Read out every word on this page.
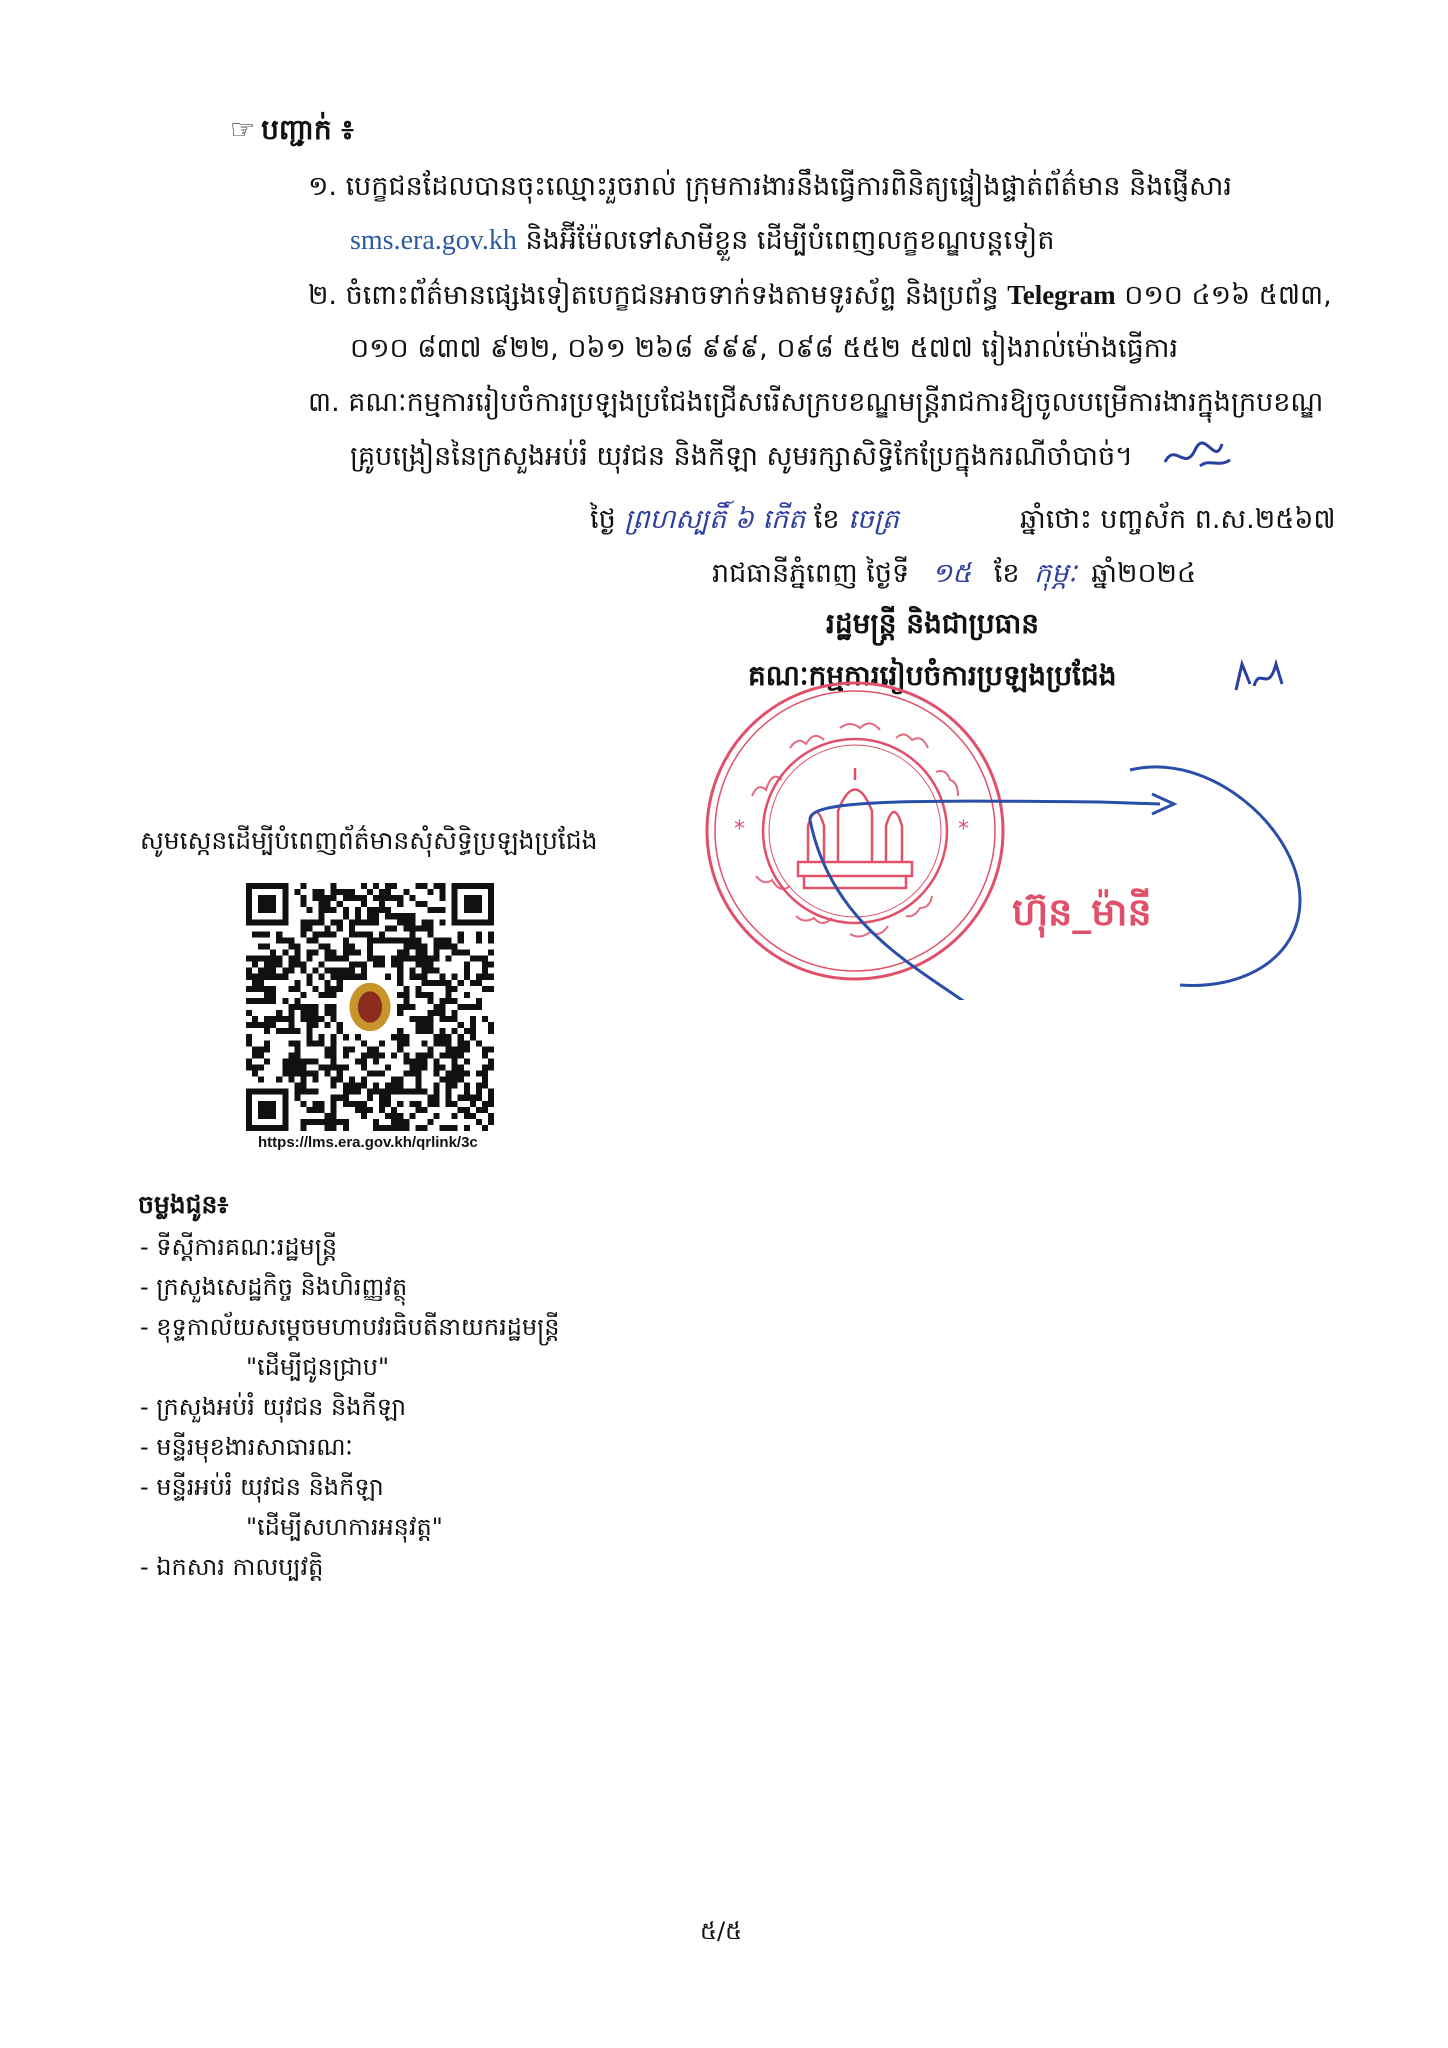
☞ បញ្ជាក់ ៖
១. បេក្ខជនដែលបានចុះឈ្មោះរួចរាល់ ក្រុមការងារនឹងធ្វើការពិនិត្យផ្ទៀងផ្ទាត់ព័ត៌មាន និងផ្ញើសារ
sms.era.gov.kh និងអ៊ីម៉ែលទៅសាមីខ្លួន ដើម្បីបំពេញលក្ខខណ្ឌបន្តទៀត
២. ចំពោះព័ត៌មានផ្សេងទៀតបេក្ខជនអាចទាក់ទងតាមទូរស័ព្ទ និងប្រព័ន្ធ Telegram ០១០ ៤១៦ ៥៧៣,
០១០ ៨៣៧ ៩២២, ០៦១ ២៦៨ ៩៩៩, ០៩៨ ៥៥២ ៥៧៧ រៀងរាល់ម៉ោងធ្វើការ
៣. គណៈកម្មការរៀបចំការប្រឡងប្រជែងជ្រើសរើសក្របខណ្ឌមន្ត្រីរាជការឱ្យចូលបម្រើការងារក្នុងក្របខណ្ឌ
គ្រូបង្រៀននៃក្រសួងអប់រំ យុវជន និងកីឡា សូមរក្សាសិទ្ធិកែប្រែក្នុងករណីចាំបាច់។
ថ្ងៃ ព្រហស្បតិ៍ ៦ កើត ខែ ចេត្រ	ឆ្នាំថោះ បញ្ចស័ក ព.ស.២៥៦៧
រាជធានីភ្នំពេញ ថ្ងៃទី ១៥ ខែ កុម្ភៈ ឆ្នាំ២០២៤
រដ្ឋមន្ត្រី និងជាប្រធាន
គណៈកម្មការរៀបចំការប្រឡងប្រជែង
*	*
ហ៊ុន_ម៉ានី
សូមស្កេនដើម្បីបំពេញព័ត៌មានសុំសិទ្ធិប្រឡងប្រជែង
https://lms.era.gov.kh/qrlink/3c
ចម្លងជូន៖
- ទីស្តីការគណៈរដ្ឋមន្ត្រី
- ក្រសួងសេដ្ឋកិច្ច និងហិរញ្ញវត្ថុ
- ខុទ្ទកាល័យសម្តេចមហាបវរធិបតីនាយករដ្ឋមន្ត្រី
"ដើម្បីជូនជ្រាប"
- ក្រសួងអប់រំ យុវជន និងកីឡា
- មន្ទីរមុខងារសាធារណៈ
- មន្ទីរអប់រំ យុវជន និងកីឡា
"ដើម្បីសហការអនុវត្ត"
- ឯកសារ កាលប្បវត្តិ
៥/៥
